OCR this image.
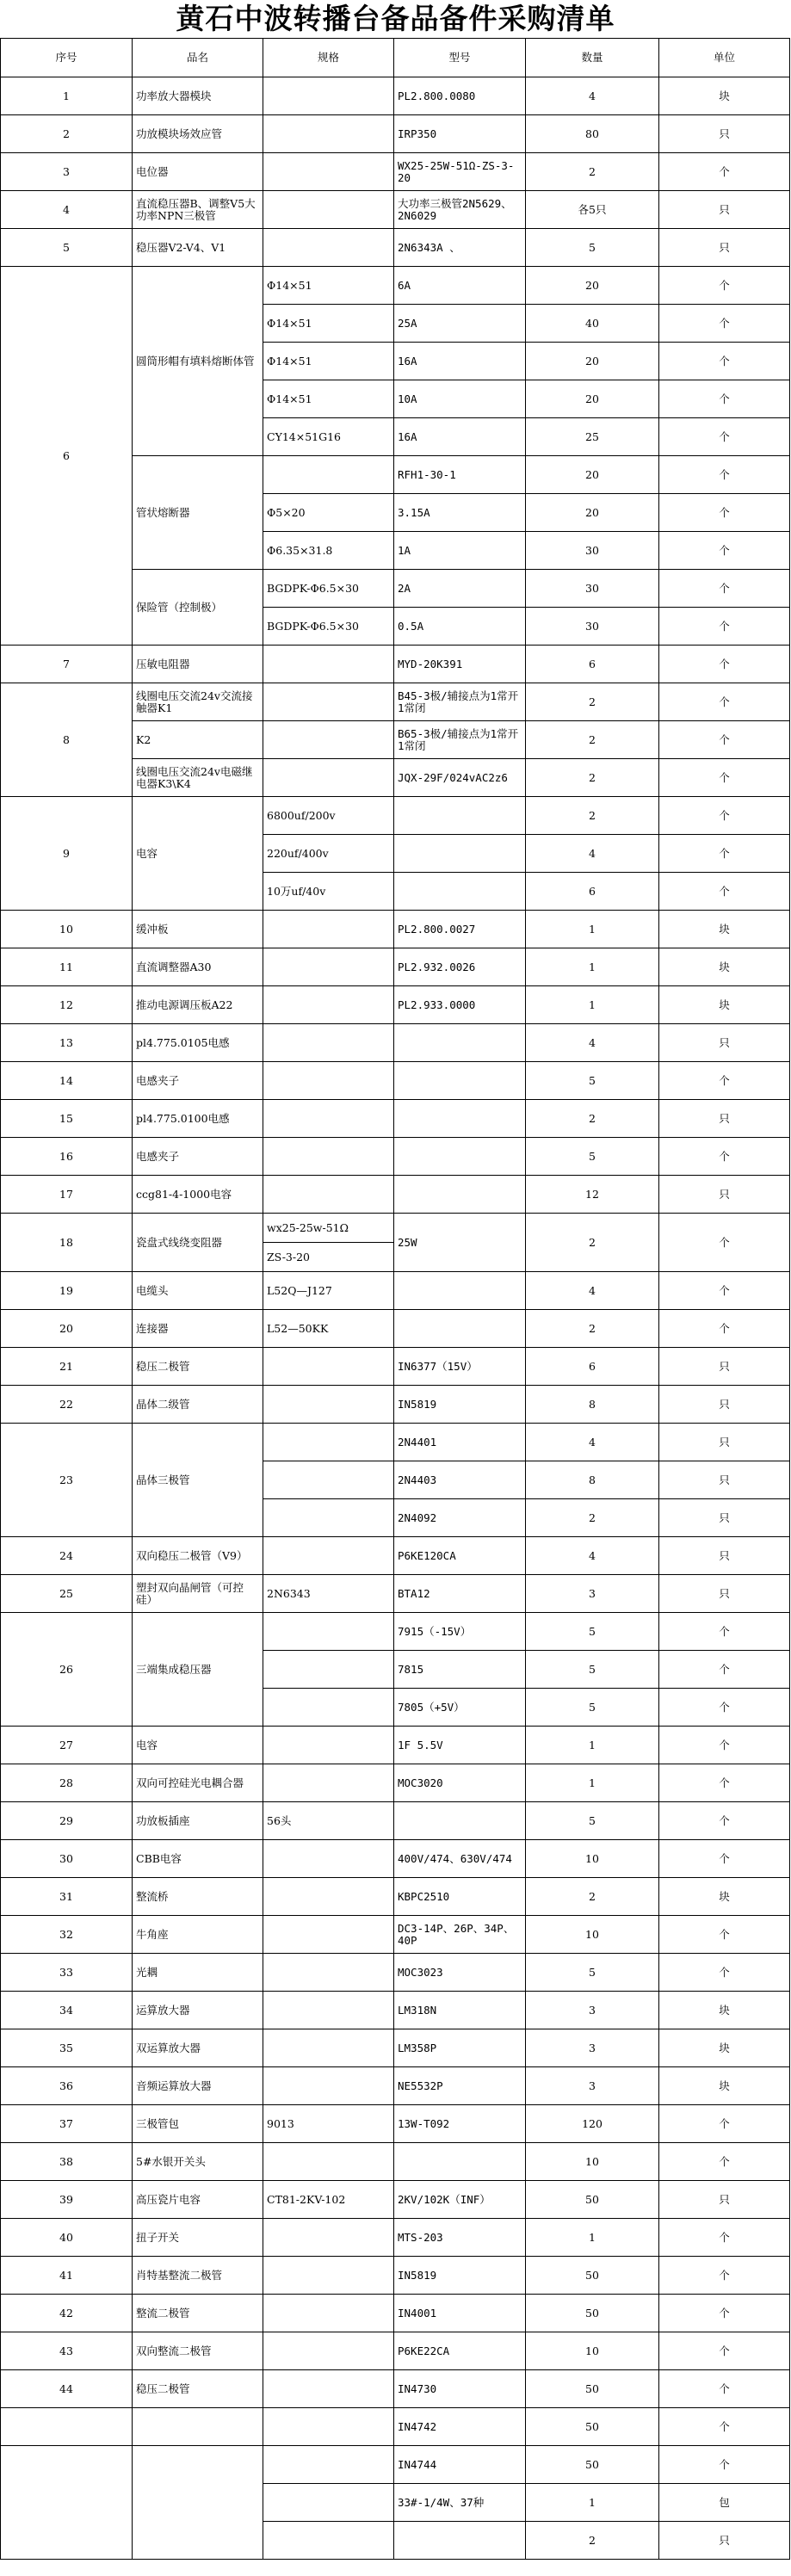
黄石中波转播台备品备件采购清单
序号	品名	规格	型号	数量	单位
1	功率放大器模块		PL2.800.0080	4	块
2	功放模块场效应管		IRP350	80	只
3	电位器		WX25-25W-51Ω-ZS-3-20	2	个
4	直流稳压器B、调整V5大功率NPN三极管		大功率三极管2N5629、2N6029	各5只	只
5	稳压器V2-V4、V1		2N6343A 、	5	只
6	圆筒形帽有填料熔断体管	Φ14×51	6A	20	个
		Φ14×51	25A	40	个
		Φ14×51	16A	20	个
		Φ14×51	10A	20	个
		CY14×51G16	16A	25	个
	管状熔断器		RFH1-30-1	20	个
		Φ5×20	3.15A	20	个
		Φ6.35×31.8	1A	30	个
	保险管（控制极）	BGDPK-Φ6.5×30	2A	30	个
		BGDPK-Φ6.5×30	0.5A	30	个
7	压敏电阻器		MYD-20K391	6	个
8	线圈电压交流24v交流接触器K1		B45-3极/辅接点为1常开1常闭	2	个
	K2		B65-3极/辅接点为1常开1常闭	2	个
	线圈电压交流24v电磁继电器K3\K4		JQX-29F/024vAC2z6	2	个
9	电容	6800uf/200v		2	个
		220uf/400v		4	个
		10万uf/40v		6	个
10	缓冲板		PL2.800.0027	1	块
11	直流调整器A30		PL2.932.0026	1	块
12	推动电源调压板A22		PL2.933.0000	1	块
13	pl4.775.0105电感			4	只
14	电感夹子			5	个
15	pl4.775.0100电感			2	只
16	电感夹子			5	个
17	ccg81-4-1000电容			12	只
18	瓷盘式线绕变阻器	wx25-25w-51Ω	25W	2	个
		ZS-3-20			
19	电缆头	L52Q—J127		4	个
20	连接器	L52—50KK		2	个
21	稳压二极管		IN6377（15V）	6	只
22	晶体二级管		IN5819	8	只
23	晶体三极管		2N4401	4	只
			2N4403	8	只
			2N4092	2	只
24	双向稳压二极管（V9）		P6KE120CA	4	只
25	塑封双向晶闸管（可控硅）	2N6343	BTA12	3	只
26	三端集成稳压器		7915（-15V）	5	个
			7815	5	个
			7805（+5V）	5	个
27	电容		1F 5.5V	1	个
28	双向可控硅光电耦合器		MOC3020	1	个
29	功放板插座	56头		5	个
30	CBB电容		400V/474、630V/474	10	个
31	整流桥		KBPC2510	2	块
32	牛角座		DC3-14P、26P、34P、40P	10	个
33	光耦		MOC3023	5	个
34	运算放大器		LM318N	3	块
35	双运算放大器		LM358P	3	块
36	音频运算放大器		NE5532P	3	块
37	三极管包	9013	13W-T092	120	个
38	5#水银开关头			10	个
39	高压瓷片电容	CT81-2KV-102	2KV/102K（INF）	50	只
40	扭子开关		MTS-203	1	个
41	肖特基整流二极管		IN5819	50	个
42	整流二极管		IN4001	50	个
43	双向整流二极管		P6KE22CA	10	个
44	稳压二极管		IN4730	50	个
			IN4742	50	个
			IN4744	50	个
			33#-1/4W、37种	1	包
				2	只
